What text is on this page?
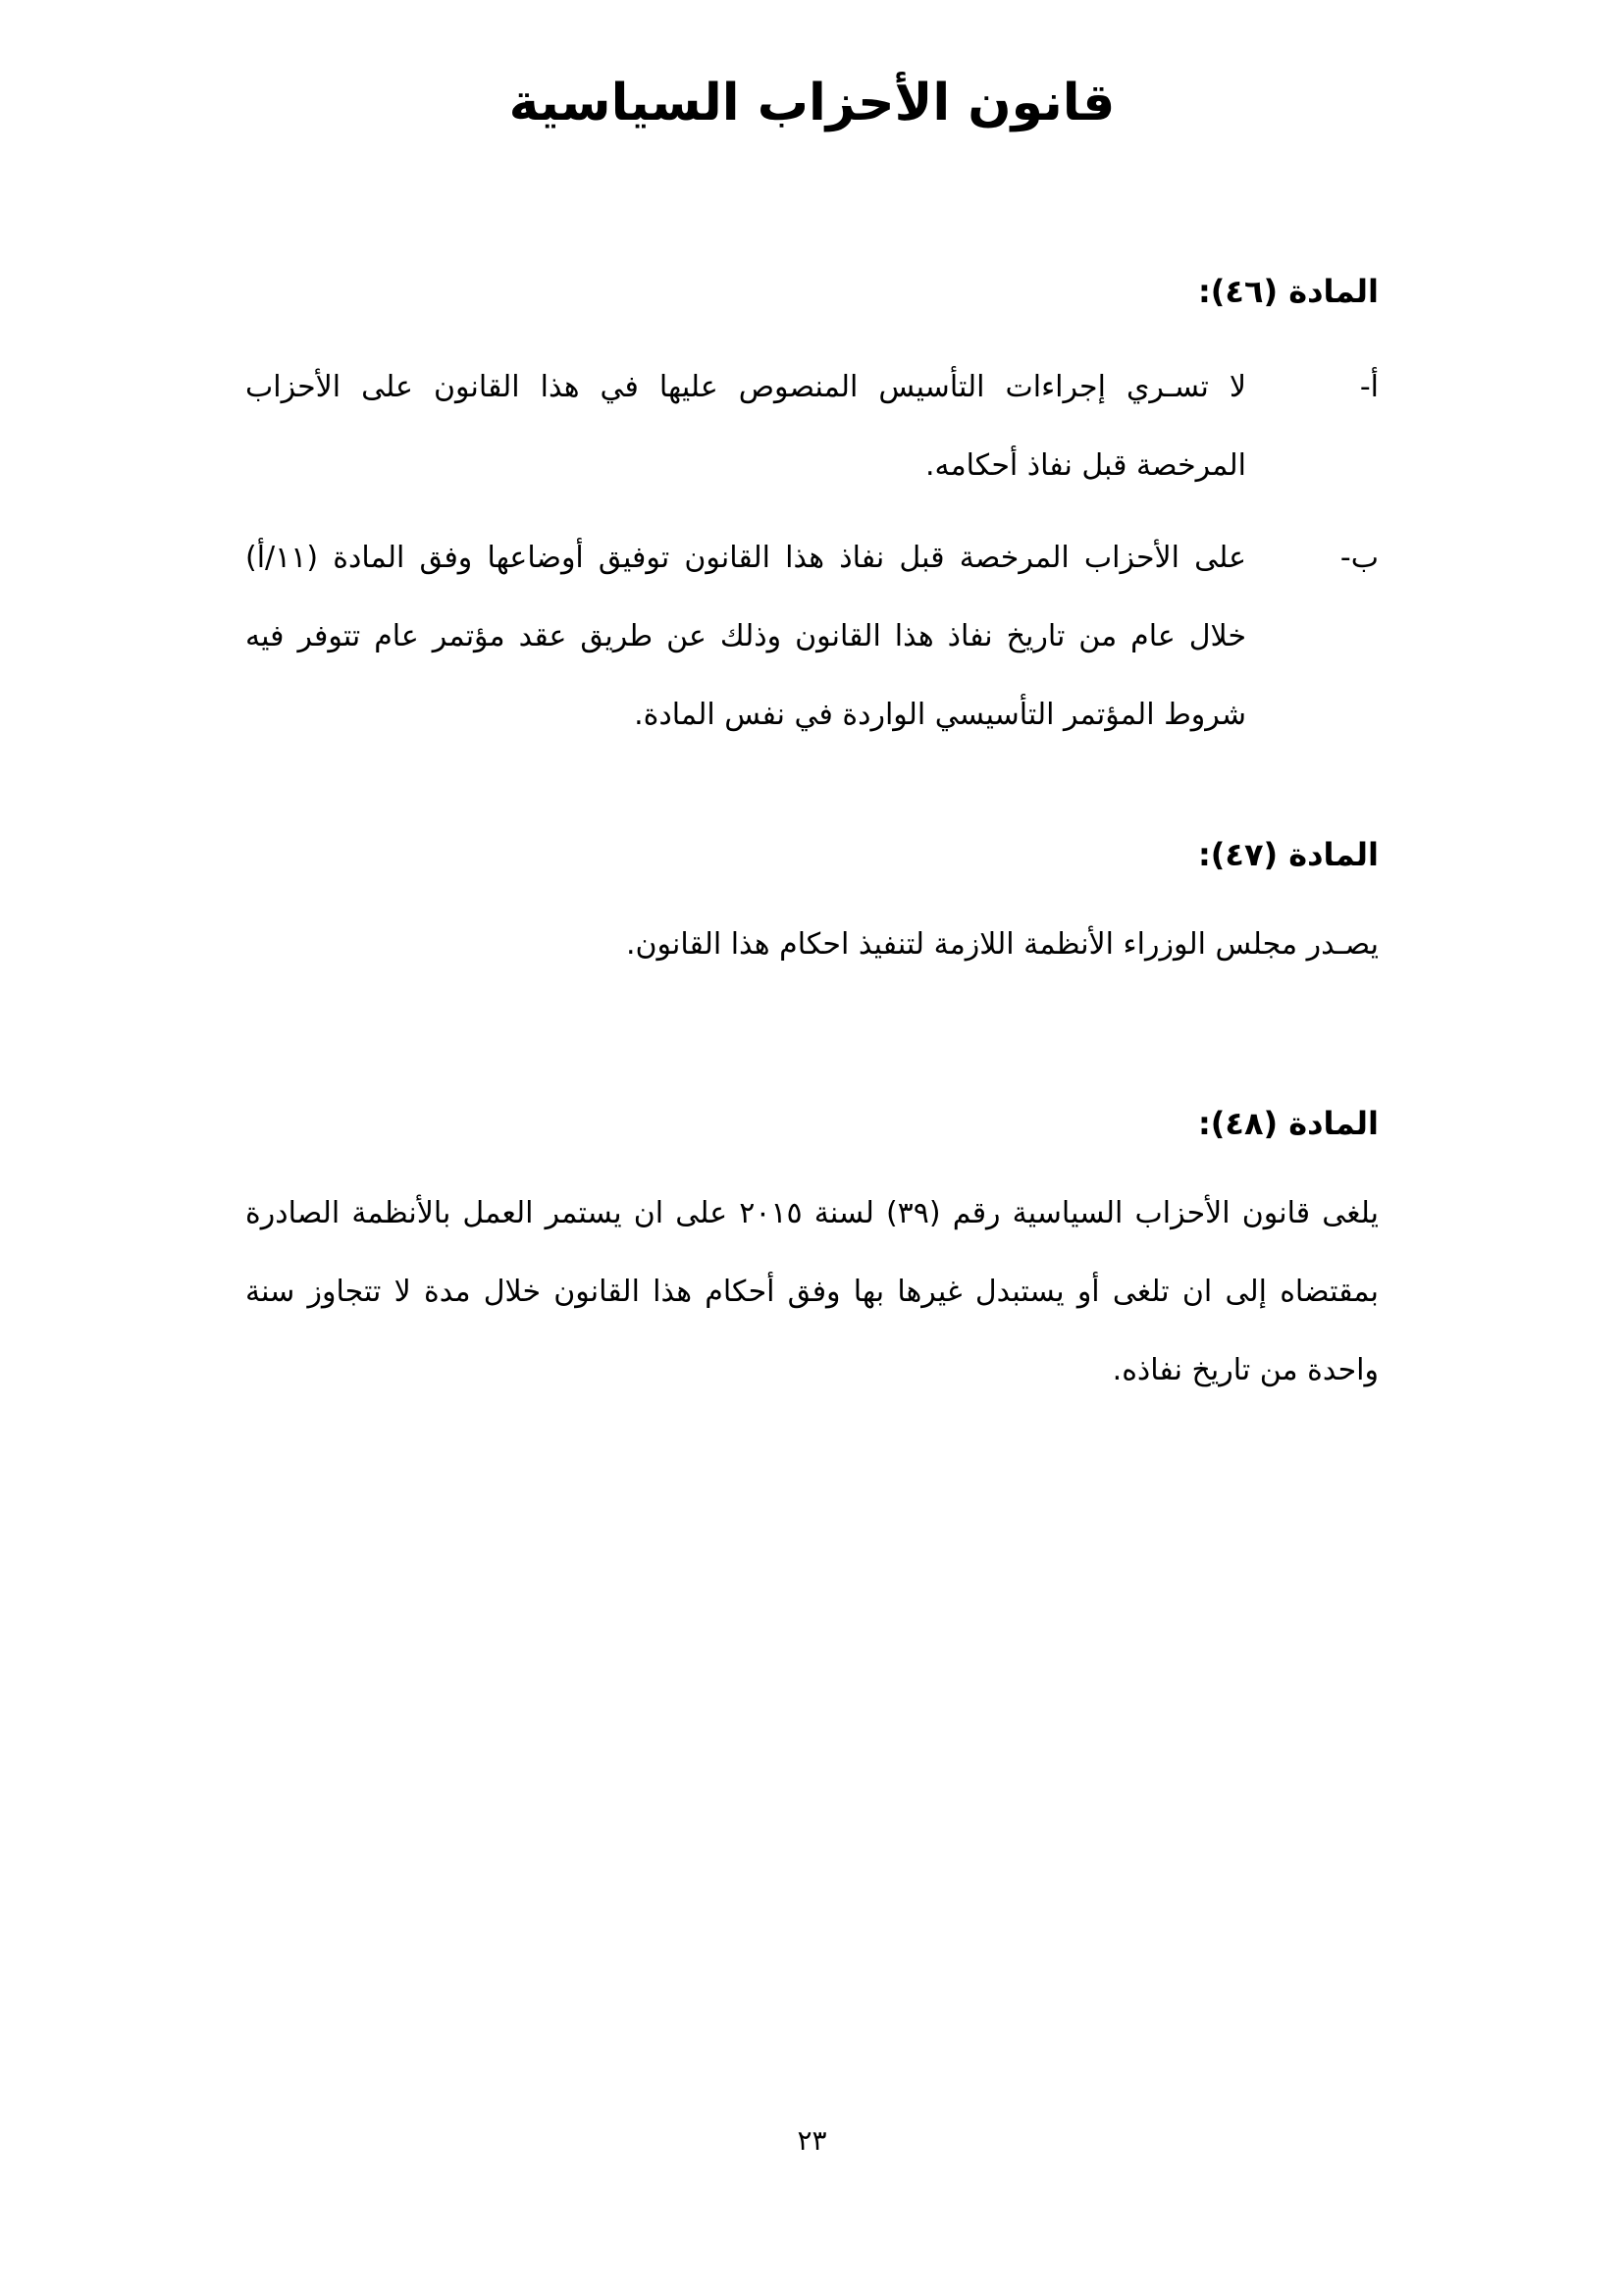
قانون الأحزاب السياسية
المادة (٤٦):
أ-
لا تسـري إجراءات التأسيس المنصوص عليها في هذا القانون على الأحزاب المرخصة قبل نفاذ أحكامه.
ب-
على الأحزاب المرخصة قبل نفاذ هذا القانون توفيق أوضاعها وفق المادة (١١/أ) خلال عام من تاريخ نفاذ هذا القانون وذلك عن طريق عقد مؤتمر عام تتوفر فيه شروط المؤتمر التأسيسي الواردة في نفس المادة.
المادة (٤٧):

يصـدر مجلس الوزراء الأنظمة اللازمة لتنفيذ احكام هذا القانون.

المادة (٤٨):

يلغى قانون الأحزاب السياسية رقم (٣٩) لسنة ٢٠١٥ على ان يستمر العمل بالأنظمة الصادرة بمقتضاه إلى ان تلغى أو يستبدل غيرها بها وفق أحكام هذا القانون خلال مدة لا تتجاوز سنة واحدة من تاريخ نفاذه.

٢٣
